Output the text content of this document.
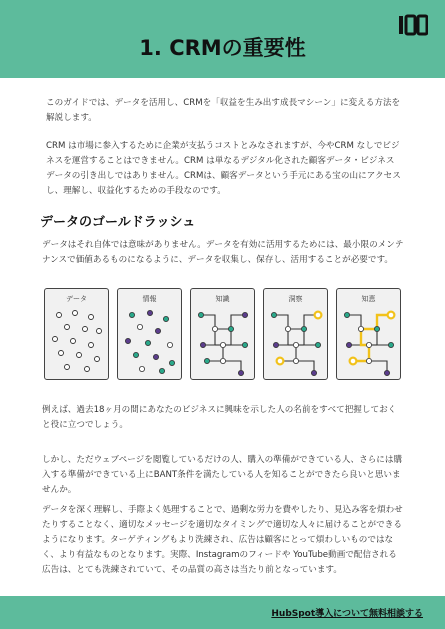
1. CRMの重要性

このガイドでは、データを活用し、CRMを「収益を生み出す成長マシーン」に変える方法を解説します。

CRM は市場に参入するために企業が支払うコストとみなされますが、今やCRM なしでビジネスを運営することはできません。CRM は単なるデジタル化された顧客データ・ビジネスデータの引き出しではありません。CRMは、顧客データという手元にある宝の山にアクセスし、理解し、収益化するための手段なのです。

データのゴールドラッシュ

データはそれ自体では意味がありません。データを有効に活用するためには、最小限のメンテナンスで価値あるものになるように、データを収集し、保存し、活用することが必要です。

データ	情報	知識	洞察	知恵

例えば、過去18ヶ月の間にあなたのビジネスに興味を示した人の名前をすべて把握しておくと役に立つでしょう。

しかし、ただウェブページを閲覧しているだけの人、購入の準備ができている人、さらには購入する準備ができている上にBANT条件を満たしている人を知ることができたら良いと思いませんか。

データを深く理解し、手際よく処理することで、過剰な労力を費やしたり、見込み客を煩わせたりすることなく、適切なメッセージを適切なタイミングで適切な人々に届けることができるようになります。ターゲティングもより洗練され、広告は顧客にとって煩わしいものではなく、より有益なものとなります。実際、Instagramのフィードや YouTube動画で配信される広告は、とても洗練されていて、その品質の高さは当たり前となっています。

HubSpot導入について無料相談する
